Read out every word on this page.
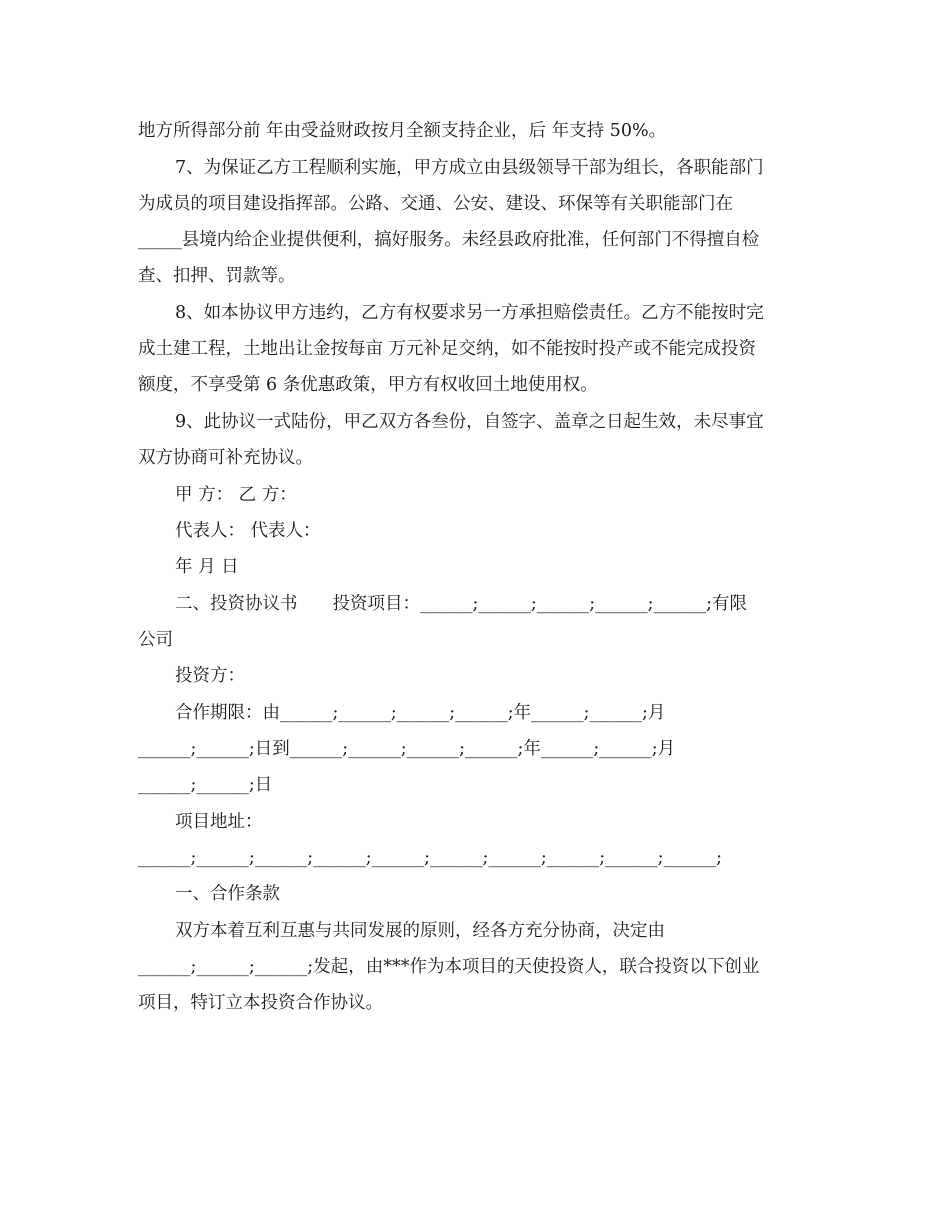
地方所得部分前 年由受益财政按月全额支持企业，后 年支持 50%。
7、为保证乙方工程顺利实施，甲方成立由县级领导干部为组长，各职能部门
为成员的项目建设指挥部。公路、交通、公安、建设、环保等有关职能部门在
_____县境内给企业提供便利，搞好服务。未经县政府批准，任何部门不得擅自检
查、扣押、罚款等。
8、如本协议甲方违约，乙方有权要求另一方承担赔偿责任。乙方不能按时完
成土建工程，土地出让金按每亩 万元补足交纳，如不能按时投产或不能完成投资
额度，不享受第 6 条优惠政策，甲方有权收回土地使用权。
9、此协议一式陆份，甲乙双方各叁份，自签字、盖章之日起生效，未尽事宜
双方协商可补充协议。
甲 方： 乙 方：
代表人： 代表人：
年 月 日
二、投资协议书　　投资项目：______;______;______;______;______;有限
公司
投资方：
合作期限：由______;______;______;______;年______;______;月
______;______;日到______;______;______;______;年______;______;月
______;______;日
项目地址：
______;______;______;______;______;______;______;______;______;______;
一、合作条款
双方本着互利互惠与共同发展的原则，经各方充分协商，决定由
______;______;______;发起，由***作为本项目的天使投资人，联合投资以下创业
项目，特订立本投资合作协议。
